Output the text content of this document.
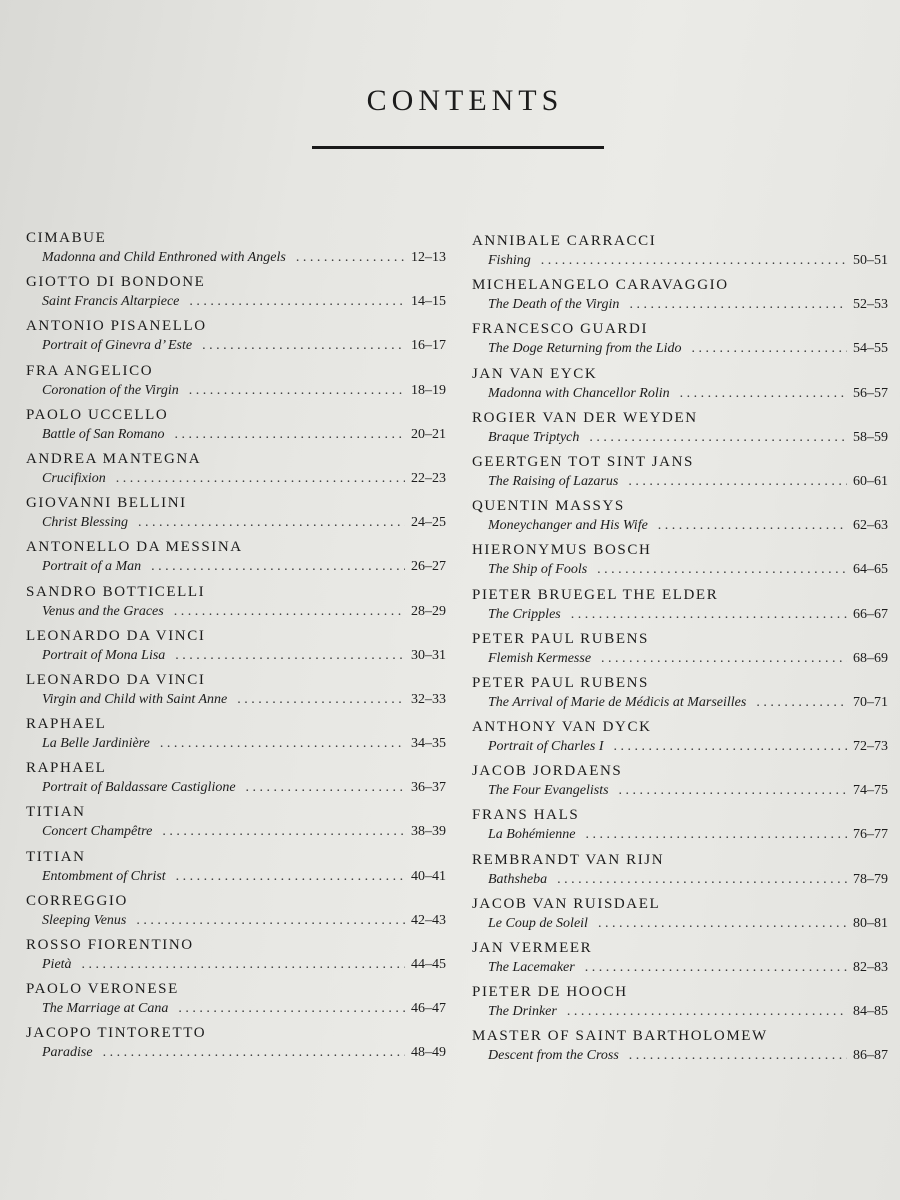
CONTENTS
CIMABUE
Madonna and Child Enthroned with Angels . . .	12–13
GIOTTO DI BONDONE
Saint Francis Altarpiece . . .	14–15
ANTONIO PISANELLO
Portrait of Ginevra d’ Este . . .	16–17
FRA ANGELICO
Coronation of the Virgin . . .	18–19
PAOLO UCCELLO
Battle of San Romano . . .	20–21
ANDREA MANTEGNA
Crucifixion . . .	22–23
GIOVANNI BELLINI
Christ Blessing . . .	24–25
ANTONELLO DA MESSINA
Portrait of a Man . . .	26–27
SANDRO BOTTICELLI
Venus and the Graces . . .	28–29
LEONARDO DA VINCI
Portrait of Mona Lisa . . .	30–31
LEONARDO DA VINCI
Virgin and Child with Saint Anne . . .	32–33
RAPHAEL
La Belle Jardinière . . .	34–35
RAPHAEL
Portrait of Baldassare Castiglione . . .	36–37
TITIAN
Concert Champêtre . . .	38–39
TITIAN
Entombment of Christ . . .	40–41
CORREGGIO
Sleeping Venus . . .	42–43
ROSSO FIORENTINO
Pietà . . .	44–45
PAOLO VERONESE
The Marriage at Cana . . .	46–47
JACOPO TINTORETTO
Paradise . . .	48–49
ANNIBALE CARRACCI
Fishing . . .	50–51
MICHELANGELO CARAVAGGIO
The Death of the Virgin . . .	52–53
FRANCESCO GUARDI
The Doge Returning from the Lido . . .	54–55
JAN VAN EYCK
Madonna with Chancellor Rolin . . .	56–57
ROGIER VAN DER WEYDEN
Braque Triptych . . .	58–59
GEERTGEN TOT SINT JANS
The Raising of Lazarus . . .	60–61
QUENTIN MASSYS
Moneychanger and His Wife . . .	62–63
HIERONYMUS BOSCH
The Ship of Fools . . .	64–65
PIETER BRUEGEL THE ELDER
The Cripples . . .	66–67
PETER PAUL RUBENS
Flemish Kermesse . . .	68–69
PETER PAUL RUBENS
The Arrival of Marie de Médicis at Marseilles . . .	70–71
ANTHONY VAN DYCK
Portrait of Charles I . . .	72–73
JACOB JORDAENS
The Four Evangelists . . .	74–75
FRANS HALS
La Bohémienne . . .	76–77
REMBRANDT VAN RIJN
Bathsheba . . .	78–79
JACOB VAN RUISDAEL
Le Coup de Soleil . . .	80–81
JAN VERMEER
The Lacemaker . . .	82–83
PIETER DE HOOCH
The Drinker . . .	84–85
MASTER OF SAINT BARTHOLOMEW
Descent from the Cross . . .	86–87
